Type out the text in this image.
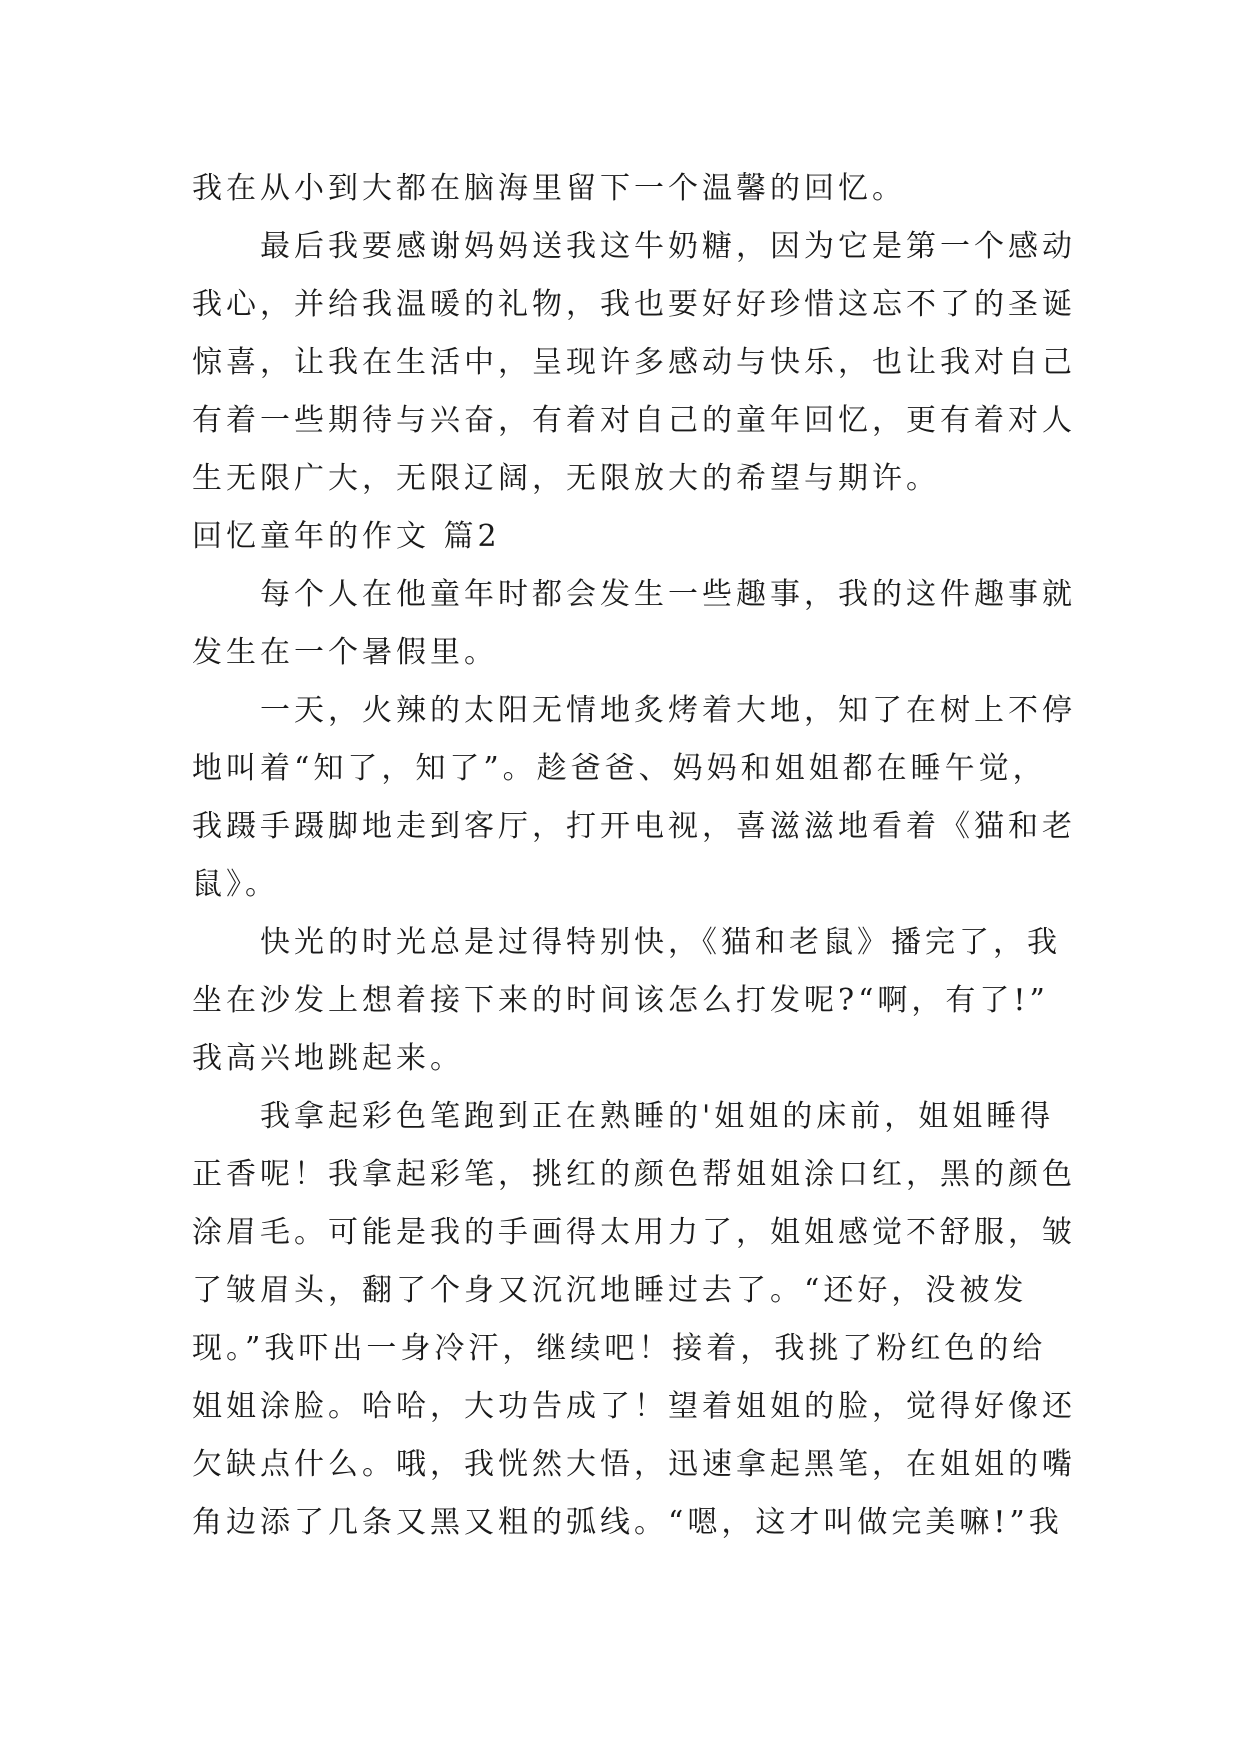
我在从小到大都在脑海里留下一个温馨的回忆。
最后我要感谢妈妈送我这牛奶糖，因为它是第一个感动
我心，并给我温暖的礼物，我也要好好珍惜这忘不了的圣诞
惊喜，让我在生活中，呈现许多感动与快乐，也让我对自己
有着一些期待与兴奋，有着对自己的童年回忆，更有着对人
生无限广大，无限辽阔，无限放大的希望与期许。
回忆童年的作文 篇2
每个人在他童年时都会发生一些趣事，我的这件趣事就
发生在一个暑假里。
一天，火辣的太阳无情地炙烤着大地，知了在树上不停
地叫着“知了，知了”。趁爸爸、妈妈和姐姐都在睡午觉，
我蹑手蹑脚地走到客厅，打开电视，喜滋滋地看着《猫和老
鼠》。
快光的时光总是过得特别快，《猫和老鼠》播完了，我
坐在沙发上想着接下来的时间该怎么打发呢?“啊，有了!”
我高兴地跳起来。
我拿起彩色笔跑到正在熟睡的'姐姐的床前，姐姐睡得
正香呢！我拿起彩笔，挑红的颜色帮姐姐涂口红，黑的颜色
涂眉毛。可能是我的手画得太用力了，姐姐感觉不舒服，皱
了皱眉头，翻了个身又沉沉地睡过去了。“还好，没被发
现。”我吓出一身冷汗，继续吧！接着，我挑了粉红色的给
姐姐涂脸。哈哈，大功告成了！望着姐姐的脸，觉得好像还
欠缺点什么。哦，我恍然大悟，迅速拿起黑笔，在姐姐的嘴
角边添了几条又黑又粗的弧线。“嗯，这才叫做完美嘛!”我
